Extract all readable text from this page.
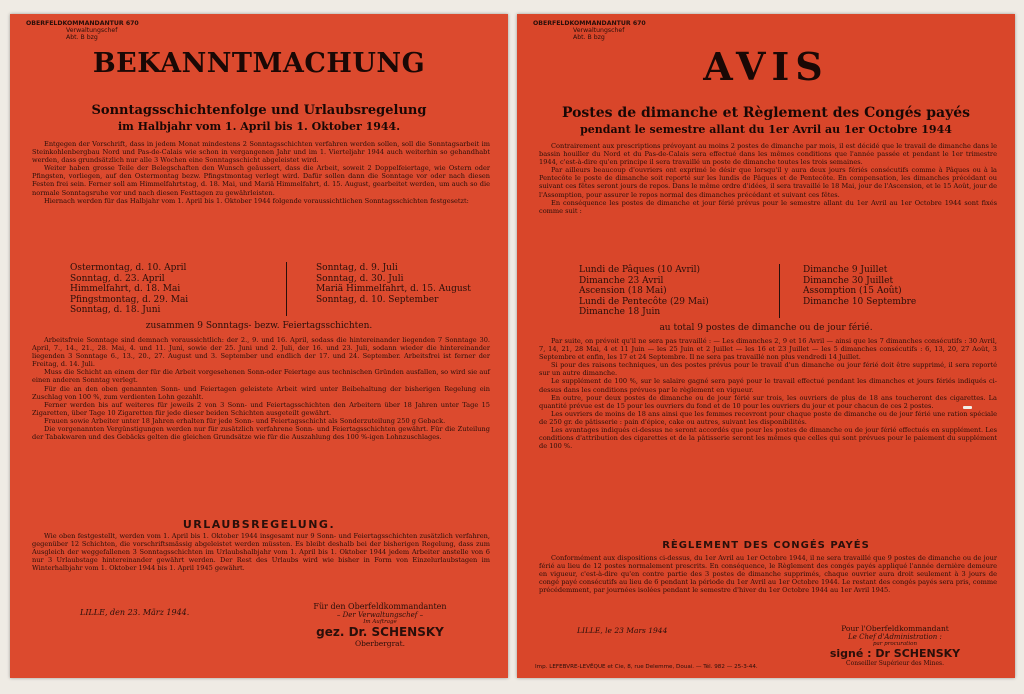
OBERFELDKOMMANDANTUR 670
Verwaltungschef
Abt. B bzg
BEKANNTMACHUNG
Sonntagsschichtenfolge und Urlaubsregelung
im Halbjahr vom 1. April bis 1. Oktober 1944.

Entgegen der Vorschrift, dass in jedem Monat mindestens 2 Sonntagsschichten verfahren werden sollen, soll die Sonntagsarbeit im Steinkohlenbergbau Nord und Pas-de-Calais wie schon in vergangenen Jahr und im 1. Vierteljahr 1944 auch weiterhin so gehandhabt werden, dass grundsätzlich nur alle 3 Wochen eine Sonntagsschicht abgeleistet wird.

Weiter haben grosse Teile der Belegschaften den Wunsch geäussert, dass die Arbeit, soweit 2 Doppelfeiertage, wie Ostern oder Pfingsten, vorliegen, auf den Ostermontag bezw. Pfingstmontag verlegt wird. Dafür sollen dann die Sonntage vor oder nach diesen Festen frei sein. Ferner soll am Himmelfahrtstag, d. 18. Mai, und Mariä Himmelfahrt, d. 15. August, gearbeitet werden, um auch so die normale Sonntagsruhe vor und nach diesen Festtagen zu gewährleisten.

Hiernach werden für das Halbjahr vom 1. April bis 1. Oktober 1944 folgende voraussichtlichen Sonntagsschichten festgesetzt:

Ostermontag, d. 10. April
Sonntag, d. 23. April
Himmelfahrt, d. 18. Mai
Pfingstmontag, d. 29. Mai
Sonntag, d. 18. Juni
Sonntag, d. 9. Juli
Sonntag, d. 30. Juli
Mariä Himmelfahrt, d. 15. August
Sonntag, d. 10. September
zusammen 9 Sonntags- bezw. Feiertagsschichten.

Arbeitsfreie Sonntage sind demnach voraussichtlich: der 2., 9. und 16. April, sodass die hintereinander liegenden 7 Sonntage 30. April, 7., 14., 21., 28. Mai, 4. und 11. Juni, sowie der 25. Juni und 2. Juli, der 16. und 23. Juli, sodann wieder die hintereinander liegenden 3 Sonntage 6., 13., 20., 27. August und 3. September und endlich der 17. und 24. September. Arbeitsfrei ist ferner der Freitag, d. 14. Juli.

Muss die Schicht an einem der für die Arbeit vorgesehenen Sonn-oder Feiertage aus technischen Gründen ausfallen, so wird sie auf einen anderen Sonntag verlegt.

Für die an den oben genannten Sonn- und Feiertagen geleistete Arbeit wird unter Beibehaltung der bisherigen Regelung ein Zuschlag von 100 %, zum verdienten Lohn gezahlt.

Ferner werden bis auf weiteres für jeweils 2 von 3 Sonn- und Feiertagsschichten den Arbeitern über 18 Jahren unter Tage 15 Zigaretten, über Tage 10 Zigaretten für jede dieser beiden Schichten ausgeteilt gewährt.

Frauen sowie Arbeiter unter 18 Jahren erhalten für jede Sonn- und Feiertagsschicht als Sonderzuteilung 250 g Geback.

Die vorgenannten Vergünstigungen werden nur für zusätzlich verfahrene Sonn- und Feiertagsschichten gewährt. Für die Zuteilung der Tabakwaren und des Gebäcks gelten die gleichen Grundsätze wie für die Auszahlung des 100 %-igen Lohnzuschlages.

URLAUBSREGELUNG.

Wie oben festgestellt, werden vom 1. April bis 1. Oktober 1944 insgesamt nur 9 Sonn- und Feiertagsschichten zusätzlich verfahren, gegenüber 12 Schichten, die vorschriftsmässig abgeleistet werden müssten. Es bleibt deshalb bei der bisherigen Regelung, dass zum Ausgleich der weggefallenen 3 Sonntagsschichten im Urlaubshalbjahr vom 1. April bis 1. Oktober 1944 jedem Arbeiter anstelle von 6 nur 3 Urlaubstage hintereinander gewährt werden. Der Rest des Urlaubs wird wie bisher in Form von Einzelurlaubstagen im Winterhalbjahr vom 1. Oktober 1944 bis 1. April 1945 gewährt.

LILLE, den 23. März 1944.
Für den Oberfeldkommandanten
– Der Verwaltungschef –
Im Auftrage
gez. Dr. SCHENSKY
Oberbergrat.
OBERFELDKOMMANDANTUR 670
Verwaltungschef
Abt. B bzg
AVIS
Postes de dimanche et Règlement des Congés payés
pendant le semestre allant du 1er Avril au 1er Octobre 1944

Contrairement aux prescriptions prévoyant au moins 2 postes de dimanche par mois, il est décidé que le travail de dimanche dans le bassin houiller du Nord et du Pas-de-Calais sera effectué dans les mêmes conditions que l'année passée et pendant le 1er trimestre 1944, c'est-à-dire qu'en principe il sera travaillé un poste de dimanche toutes les trois semaines.

Par ailleurs beaucoup d'ouvriers ont exprimé le désir que lorsqu'il y aura deux jours fériés consécutifs comme à Pâques ou à la Pentecôte le poste de dimanche soit reporté sur les lundis de Pâques et de Pentecôte. En compensation, les dimanches précédant ou suivant ces fêtes seront jours de repos. Dans le même ordre d'idées, il sera travaillé le 18 Mai, jour de l'Ascension, et le 15 Août, jour de l'Assomption, pour assurer le repos normal des dimanches précédant et suivant ces fêtes.

En conséquence les postes de dimanche et jour férié prévus pour le semestre allant du 1er Avril au 1er Octobre 1944 sont fixés comme suit :

Lundi de Pâques (10 Avril)
Dimanche 23 Avril
Ascension (18 Mai)
Lundi de Pentecôte (29 Mai)
Dimanche 18 Juin
Dimanche 9 Juillet
Dimanche 30 Juillet
Assomption (15 Août)
Dimanche 10 Septembre
au total 9 postes de dimanche ou de jour férié.

Par suite, on prévoit qu'il ne sera pas travaillé : — Les dimanches 2, 9 et 16 Avril — ainsi que les 7 dimanches consécutifs : 30 Avril, 7, 14, 21, 28 Mai, 4 et 11 Juin — les 25 Juin et 2 Juillet — les 16 et 23 Juillet — les 5 dimanches consécutifs : 6, 13, 20, 27 Août, 3 Septembre et enfin, les 17 et 24 Septembre. Il ne sera pas travaillé non plus vendredi 14 Juillet.

Si pour des raisons techniques, un des postes prévus pour le travail d'un dimanche ou jour férié doit être supprimé, il sera reporté sur un autre dimanche.

Le supplément de 100 %, sur le salaire gagné sera payé pour le travail effectué pendant les dimanches et jours fériés indiqués ci-dessus dans les conditions prévues par le règlement en vigueur.

En outre, pour deux postes de dimanche ou de jour férié sur trois, les ouvriers de plus de 18 ans toucheront des cigarettes. La quantité prévue est de 15 pour les ouvriers du fond et de 10 pour les ouvriers du jour et pour chacun de ces 2 postes.

Les ouvriers de moins de 18 ans ainsi que les femmes recevront pour chaque poste de dimanche ou de jour férié une ration spéciale de 250 gr. de pâtisserie : pain d'épice, cake ou autres, suivant les disponibilités.

Les avantages indiqués ci-dessus ne seront accordés que pour les postes de dimanche ou de jour férié effectués en supplément. Les conditions d'attribution des cigarettes et de la pâtisserie seront les mêmes que celles qui sont prévues pour le paiement du supplément de 100 %.

RÈGLEMENT DES CONGÉS PAYÉS

Conformément aux dispositions ci-dessus, du 1er Avril au 1er Octobre 1944, il ne sera travaillé que 9 postes de dimanche ou de jour férié au lieu de 12 postes normalement prescrits. En conséquence, le Règlement des congés payés appliqué l'année dernière demeure en vigueur, c'est-à-dire qu'en contre partie des 3 postes de dimanche supprimés, chaque ouvrier aura droit seulement à 3 jours de congé payé consécutifs au lieu de 6 pendant la période du 1er Avril au 1er Octobre 1944. Le restant des congés payés sera pris, comme précédemment, par journées isolées pendant le semestre d'hiver du 1er Octobre 1944 au 1er Avril 1945.

LILLE, le 23 Mars 1944	Pour l'Oberfeldkommandant
Le Chef d'Administration :
par procuration
signé : Dr SCHENSKY
Conseiller Supérieur des Mines.
Imp. LEFEBVRE-LEVÊQUE et Cie, 8, rue Delemme, Douai. — Tél. 982 — 25-3-44.
